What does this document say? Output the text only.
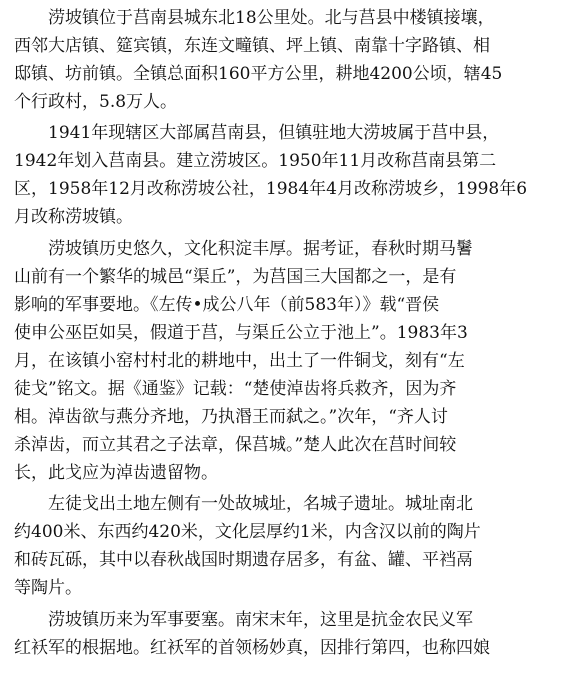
涝坡镇位于莒南县城东北18公里处。北与莒县中楼镇接壤，
西邻大店镇、筵宾镇，东连文疃镇、坪上镇、南靠十字路镇、相
邸镇、坊前镇。全镇总面积160平方公里，耕地4200公顷，辖45
个行政村，5.8万人。
1941年现辖区大部属莒南县，但镇驻地大涝坡属于莒中县，
1942年划入莒南县。建立涝坡区。1950年11月改称莒南县第二
区，1958年12月改称涝坡公社，1984年4月改称涝坡乡，1998年6
月改称涝坡镇。
涝坡镇历史悠久，文化积淀丰厚。据考证，春秋时期马鬐
山前有一个繁华的城邑“渠丘”，为莒国三大国都之一，是有
影响的军事要地。《左传•成公八年（前583年）》载“晋侯
使申公巫臣如吴，假道于莒，与渠丘公立于池上”。1983年3
月，在该镇小窑村村北的耕地中，出土了一件铜戈，刻有“左
徒戈”铭文。据《通鉴》记载：“楚使淖齿将兵救齐，因为齐
相。淖齿欲与燕分齐地，乃执湣王而弑之。”次年，“齐人讨
杀淖齿，而立其君之子法章，保莒城。”楚人此次在莒时间较
长，此戈应为淖齿遗留物。
左徒戈出土地左侧有一处故城址，名城子遗址。城址南北
约400米、东西约420米，文化层厚约1米，内含汉以前的陶片
和砖瓦砾，其中以春秋战国时期遗存居多，有盆、罐、平裆鬲
等陶片。
涝坡镇历来为军事要塞。南宋末年，这里是抗金农民义军
红袄军的根据地。红袄军的首领杨妙真，因排行第四，也称四娘
